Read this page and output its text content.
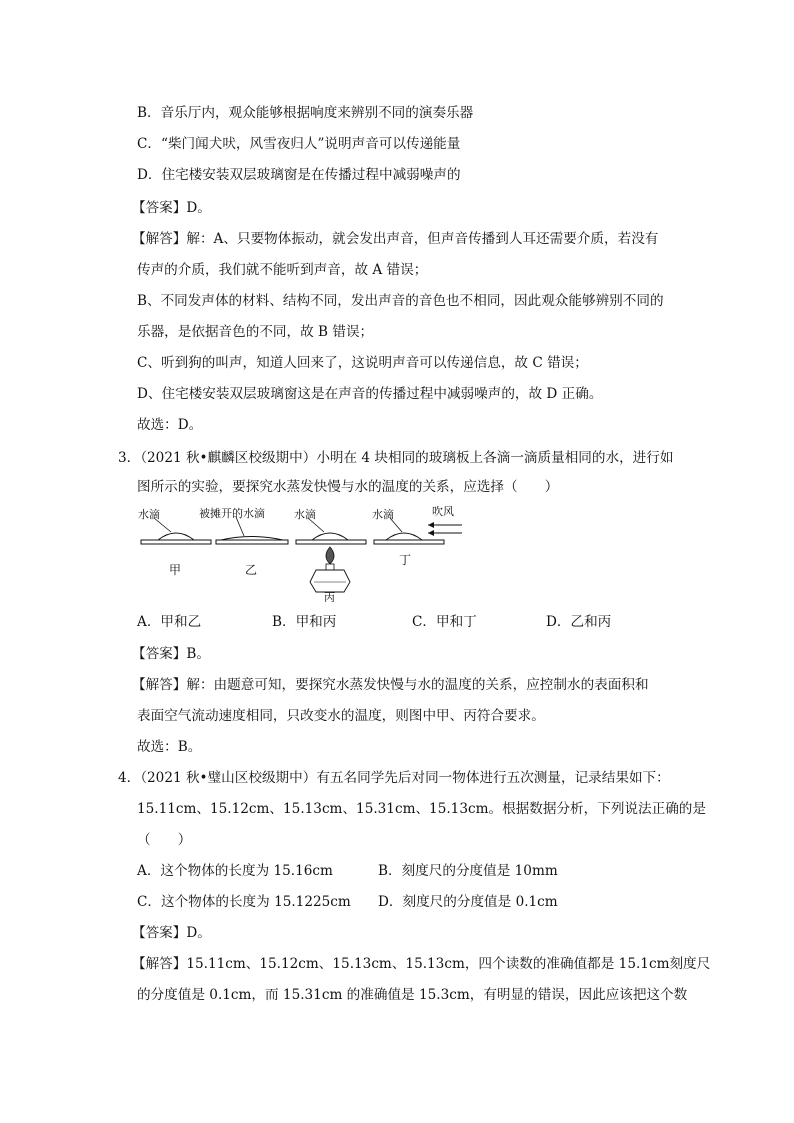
B．音乐厅内，观众能够根据响度来辨别不同的演奏乐器
C．“柴门闻犬吠，风雪夜归人”说明声音可以传递能量
D．住宅楼安装双层玻璃窗是在传播过程中减弱噪声的
【答案】D。
【解答】解：A、只要物体振动，就会发出声音，但声音传播到人耳还需要介质，若没有
传声的介质，我们就不能听到声音，故 A 错误；
B、不同发声体的材料、结构不同，发出声音的音色也不相同，因此观众能够辨别不同的
乐器，是依据音色的不同，故 B 错误；
C、听到狗的叫声，知道人回来了，这说明声音可以传递信息，故 C 错误；
D、住宅楼安装双层玻璃窗这是在声音的传播过程中减弱噪声的，故 D 正确。
故选：D。
3．（2021 秋•麒麟区校级期中）小明在 4 块相同的玻璃板上各滴一滴质量相同的水，进行如
图所示的实验，要探究水蒸发快慢与水的温度的关系，应选择（　　）
水滴
甲
被摊开的水滴
乙
水滴
丙
水滴	吹风
丁
A．甲和乙	B．甲和丙	C．甲和丁	D．乙和丙
【答案】B。
【解答】解：由题意可知，要探究水蒸发快慢与水的温度的关系，应控制水的表面积和
表面空气流动速度相同，只改变水的温度，则图中甲、丙符合要求。
故选：B。
4．（2021 秋•璧山区校级期中）有五名同学先后对同一物体进行五次测量，记录结果如下：
15.11cm、15.12cm、15.13cm、15.31cm、15.13cm。根据数据分析，下列说法正确的是
（　　）
A．这个物体的长度为 15.16cm	B．刻度尺的分度值是 10mm
C．这个物体的长度为 15.1225cm D．刻度尺的分度值是 0.1cm
【答案】D。
【解答】15.11cm、15.12cm、15.13cm、15.13cm，四个读数的准确值都是 15.1cm刻度尺
的分度值是 0.1cm，而 15.31cm 的准确值是 15.3cm，有明显的错误，因此应该把这个数
